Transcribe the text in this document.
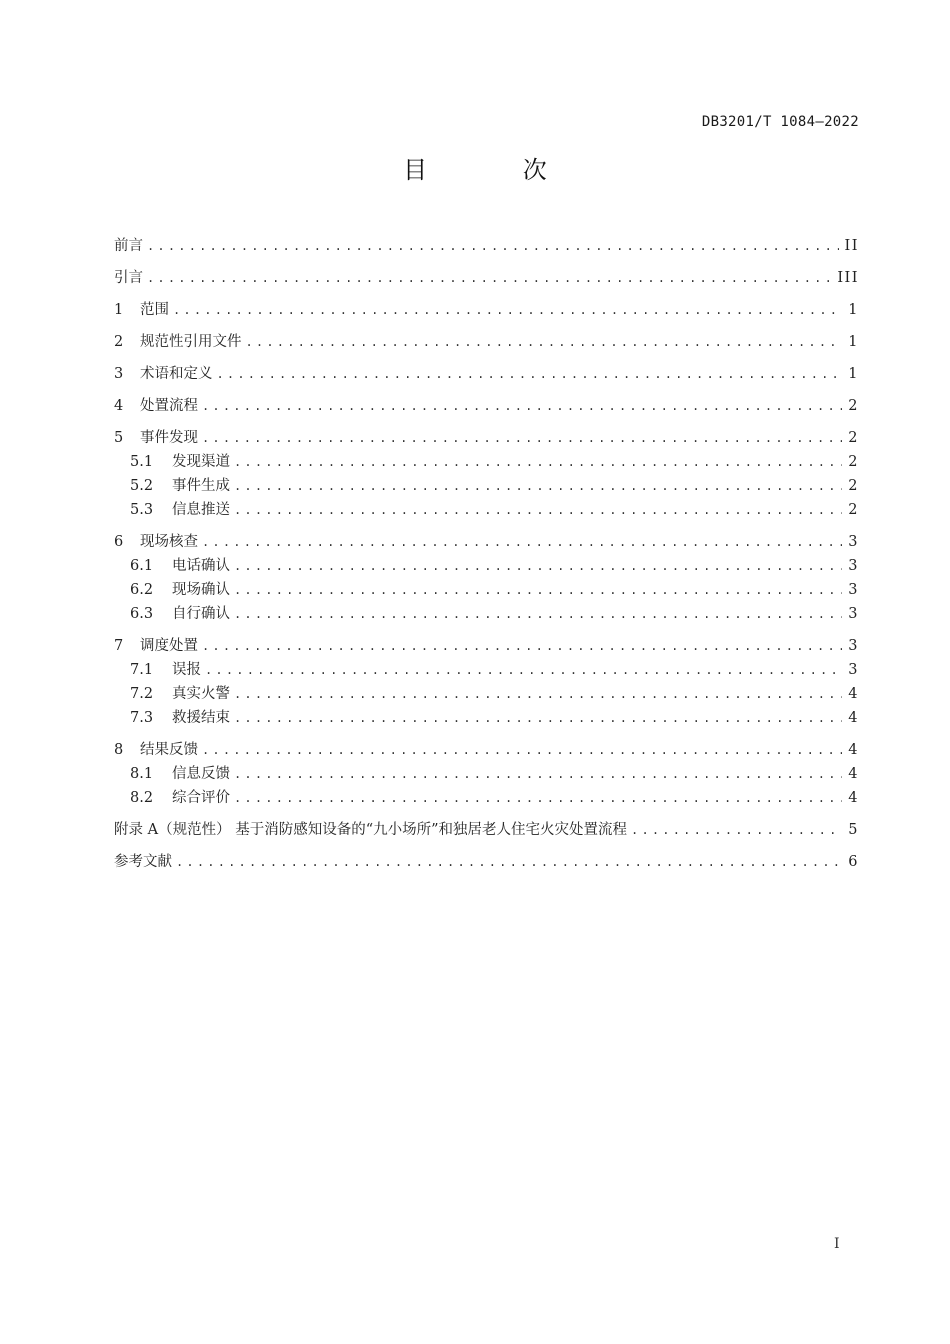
DB3201/T 1084—2022
目 次
前言 .....	II
引言 .....	III
1	范围 .....	1
2	规范性引用文件 .....	1
3	术语和定义 .....	1
4	处置流程 .....	2
5	事件发现 .....	2
5.1	发现渠道 .....	2
5.2	事件生成 .....	2
5.3	信息推送 .....	2
6	现场核查 .....	3
6.1	电话确认 .....	3
6.2	现场确认 .....	3
6.3	自行确认 .....	3
7	调度处置 .....	3
7.1	误报 .....	3
7.2	真实火警 .....	4
7.3	救援结束 .....	4
8	结果反馈 .....	4
8.1	信息反馈 .....	4
8.2	综合评价 .....	4
附录 A（规范性） 基于消防感知设备的“九小场所”和独居老人住宅火灾处置流程 .....	5
参考文献 .....	6
I
